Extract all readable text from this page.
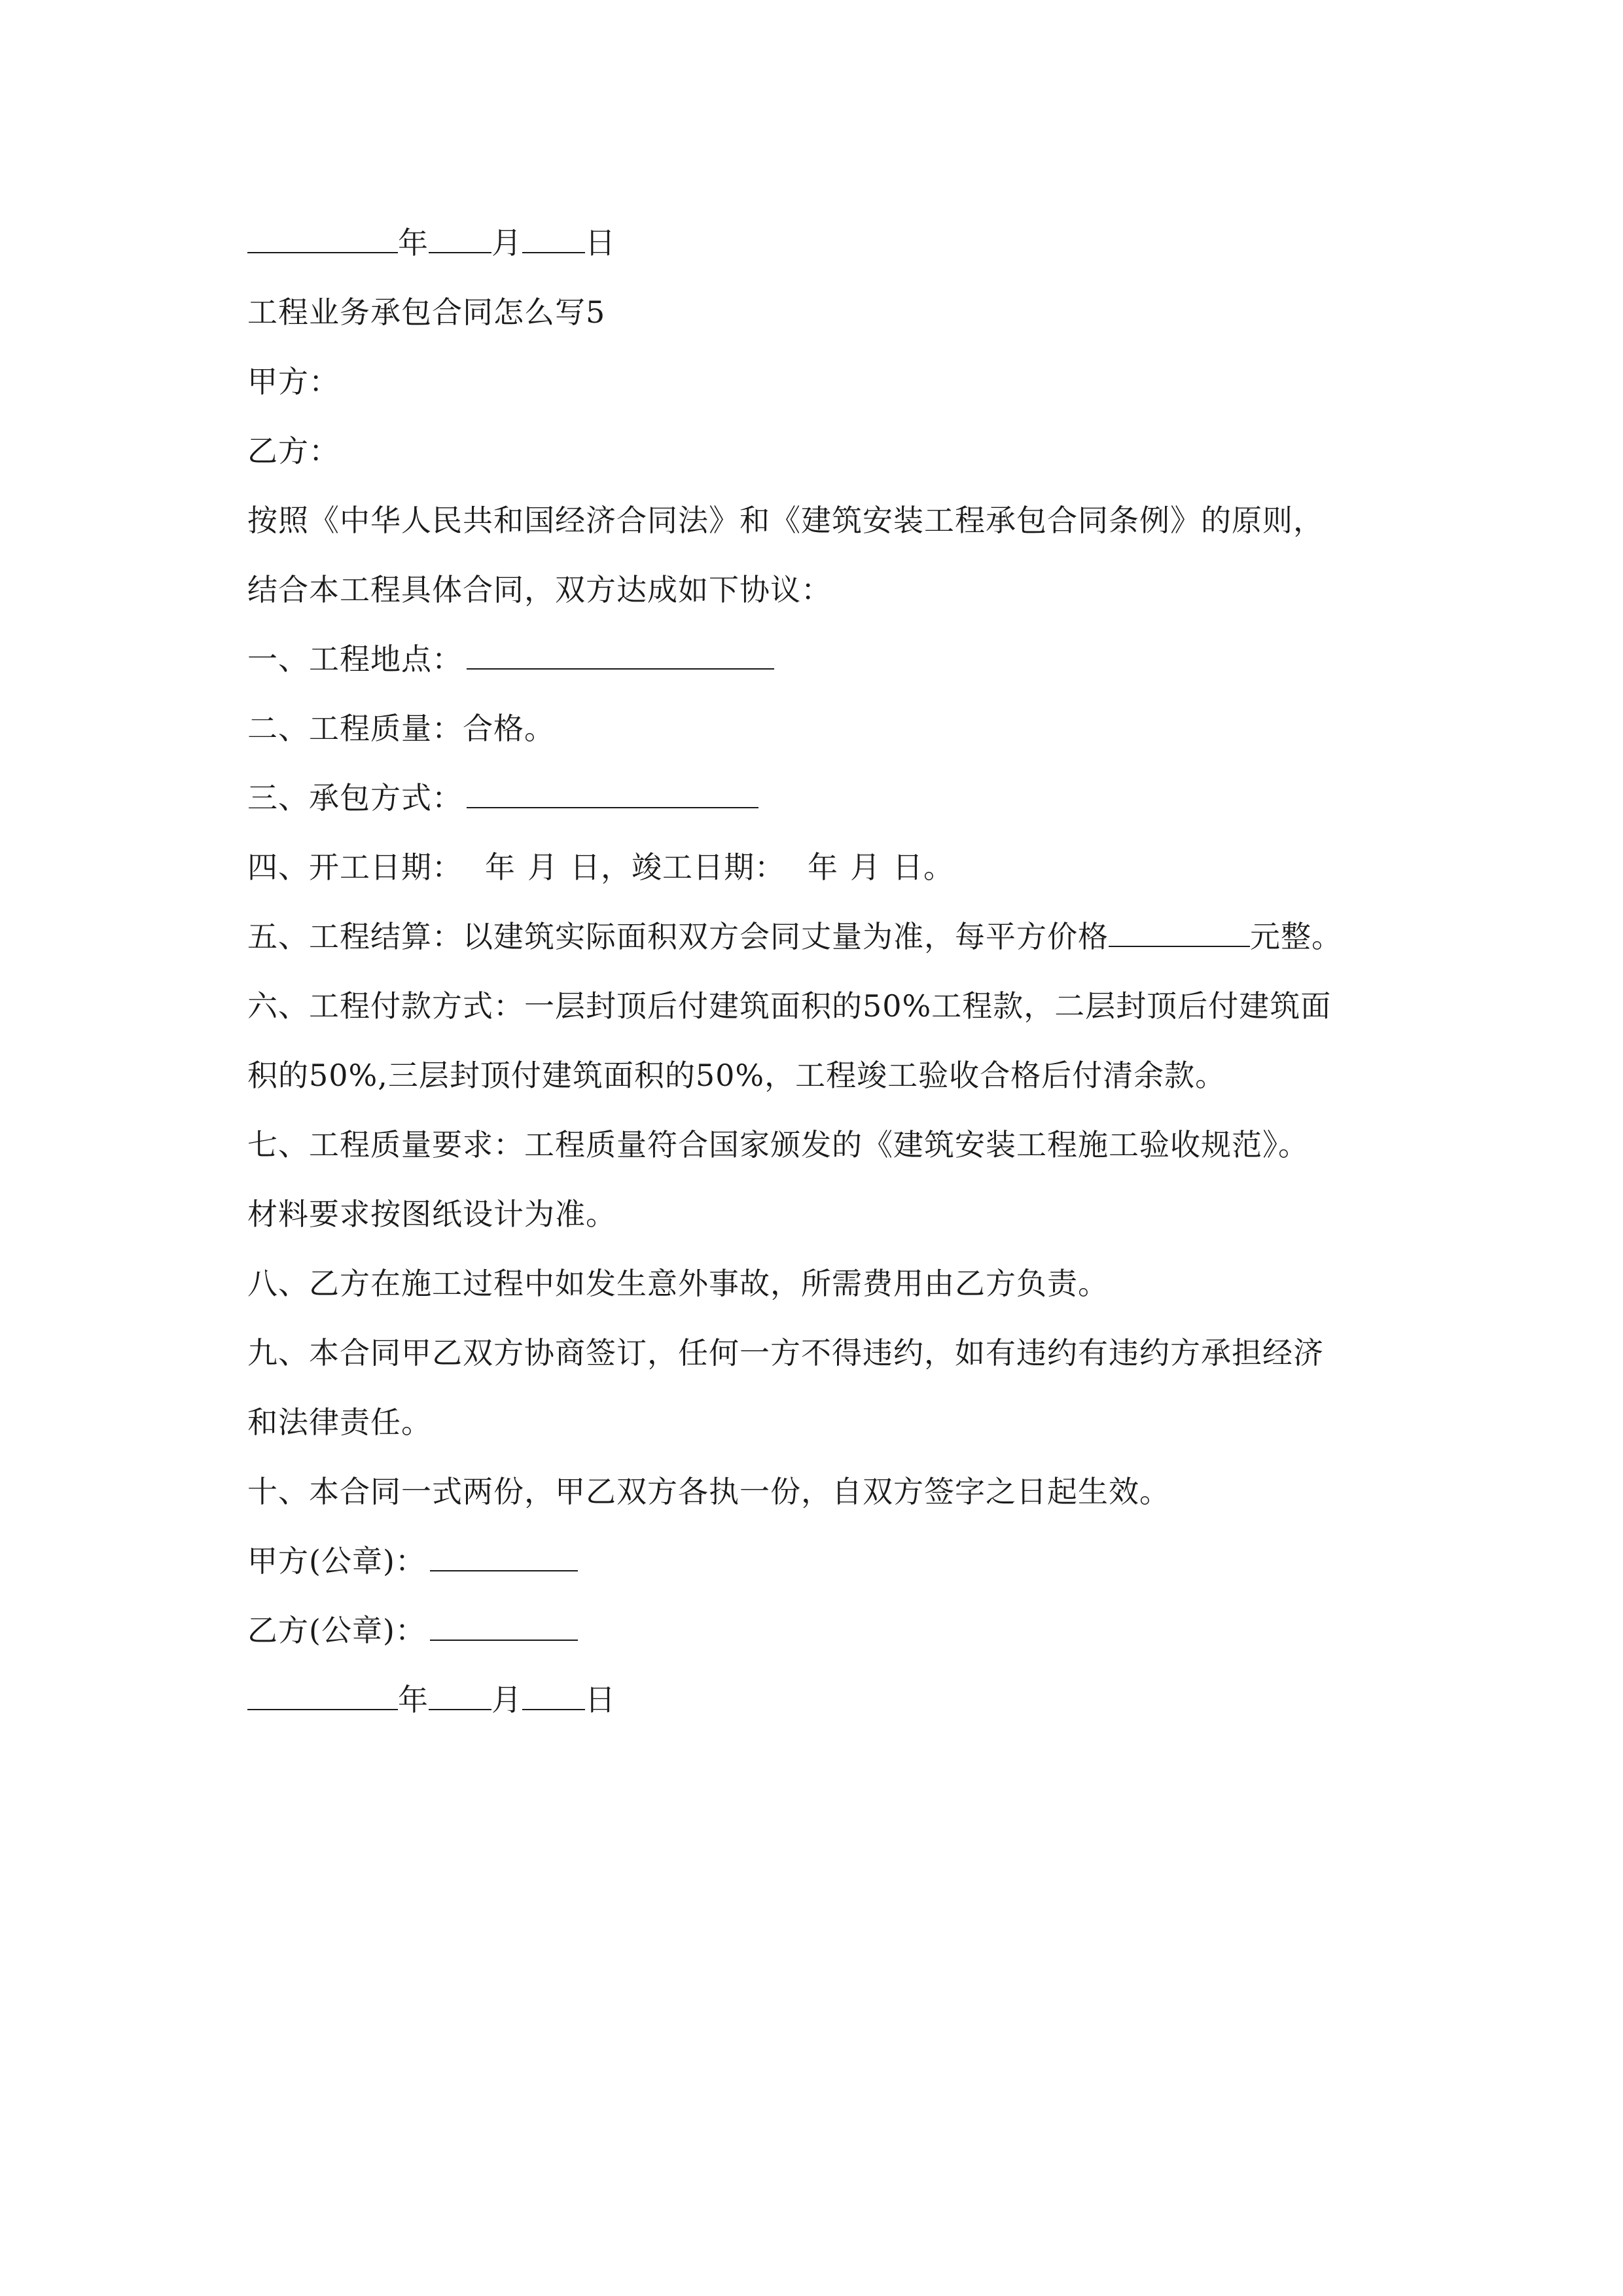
年 月 日
工程业务承包合同怎么写5
甲方：
乙方：
按照《中华人民共和国经济合同法》和《建筑安装工程承包合同条例》的原则，
结合本工程具体合同，双方达成如下协议：
一、工程地点：
二、工程质量：合格。
三、承包方式：
四、开工日期： 年 月 日，竣工日期： 年 月 日。
五、工程结算：以建筑实际面积双方会同丈量为准，每平方价格	元整。
六、工程付款方式：一层封顶后付建筑面积的50%工程款，二层封顶后付建筑面
积的50%,三层封顶付建筑面积的50%，工程竣工验收合格后付清余款。
七、工程质量要求：工程质量符合国家颁发的《建筑安装工程施工验收规范》。
材料要求按图纸设计为准。
八、乙方在施工过程中如发生意外事故，所需费用由乙方负责。
九、本合同甲乙双方协商签订，任何一方不得违约，如有违约有违约方承担经济
和法律责任。
十、本合同一式两份，甲乙双方各执一份，自双方签字之日起生效。
甲方(公章)：
乙方(公章)：
年 月 日
